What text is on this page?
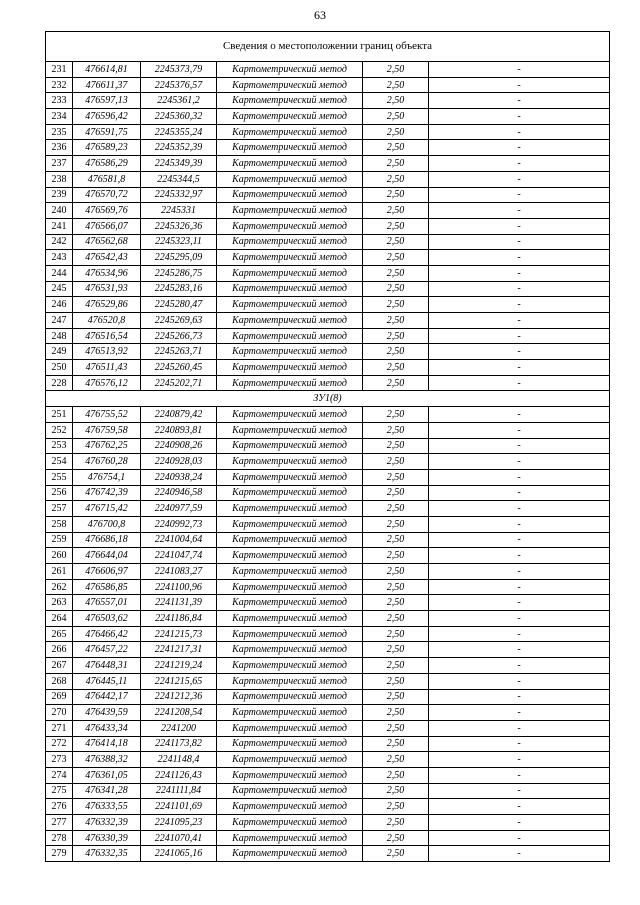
63
Сведения о местоположении границ объекта					
231	476614,81	2245373,79	Картометрический метод	2,50	-
232	476611,37	2245376,57	Картометрический метод	2,50	-
233	476597,13	2245361,2	Картометрический метод	2,50	-
234	476596,42	2245360,32	Картометрический метод	2,50	-
235	476591,75	2245355,24	Картометрический метод	2,50	-
236	476589,23	2245352,39	Картометрический метод	2,50	-
237	476586,29	2245349,39	Картометрический метод	2,50	-
238	476581,8	2245344,5	Картометрический метод	2,50	-
239	476570,72	2245332,97	Картометрический метод	2,50	-
240	476569,76	2245331	Картометрический метод	2,50	-
241	476566,07	2245326,36	Картометрический метод	2,50	-
242	476562,68	2245323,11	Картометрический метод	2,50	-
243	476542,43	2245295,09	Картометрический метод	2,50	-
244	476534,96	2245286,75	Картометрический метод	2,50	-
245	476531,93	2245283,16	Картометрический метод	2,50	-
246	476529,86	2245280,47	Картометрический метод	2,50	-
247	476520,8	2245269,63	Картометрический метод	2,50	-
248	476516,54	2245266,73	Картометрический метод	2,50	-
249	476513,92	2245263,71	Картометрический метод	2,50	-
250	476511,43	2245260,45	Картометрический метод	2,50	-
228	476576,12	2245202,71	Картометрический метод	2,50	-
ЗУ1(8)					
251	476755,52	2240879,42	Картометрический метод	2,50	-
252	476759,58	2240893,81	Картометрический метод	2,50	-
253	476762,25	2240908,26	Картометрический метод	2,50	-
254	476760,28	2240928,03	Картометрический метод	2,50	-
255	476754,1	2240938,24	Картометрический метод	2,50	-
256	476742,39	2240946,58	Картометрический метод	2,50	-
257	476715,42	2240977,59	Картометрический метод	2,50	-
258	476700,8	2240992,73	Картометрический метод	2,50	-
259	476686,18	2241004,64	Картометрический метод	2,50	-
260	476644,04	2241047,74	Картометрический метод	2,50	-
261	476606,97	2241083,27	Картометрический метод	2,50	-
262	476586,85	2241100,96	Картометрический метод	2,50	-
263	476557,01	2241131,39	Картометрический метод	2,50	-
264	476503,62	2241186,84	Картометрический метод	2,50	-
265	476466,42	2241215,73	Картометрический метод	2,50	-
266	476457,22	2241217,31	Картометрический метод	2,50	-
267	476448,31	2241219,24	Картометрический метод	2,50	-
268	476445,11	2241215,65	Картометрический метод	2,50	-
269	476442,17	2241212,36	Картометрический метод	2,50	-
270	476439,59	2241208,54	Картометрический метод	2,50	-
271	476433,34	2241200	Картометрический метод	2,50	-
272	476414,18	2241173,82	Картометрический метод	2,50	-
273	476388,32	2241148,4	Картометрический метод	2,50	-
274	476361,05	2241126,43	Картометрический метод	2,50	-
275	476341,28	2241111,84	Картометрический метод	2,50	-
276	476333,55	2241101,69	Картометрический метод	2,50	-
277	476332,39	2241095,23	Картометрический метод	2,50	-
278	476330,39	2241070,41	Картометрический метод	2,50	-
279	476332,35	2241065,16	Картометрический метод	2,50	-
